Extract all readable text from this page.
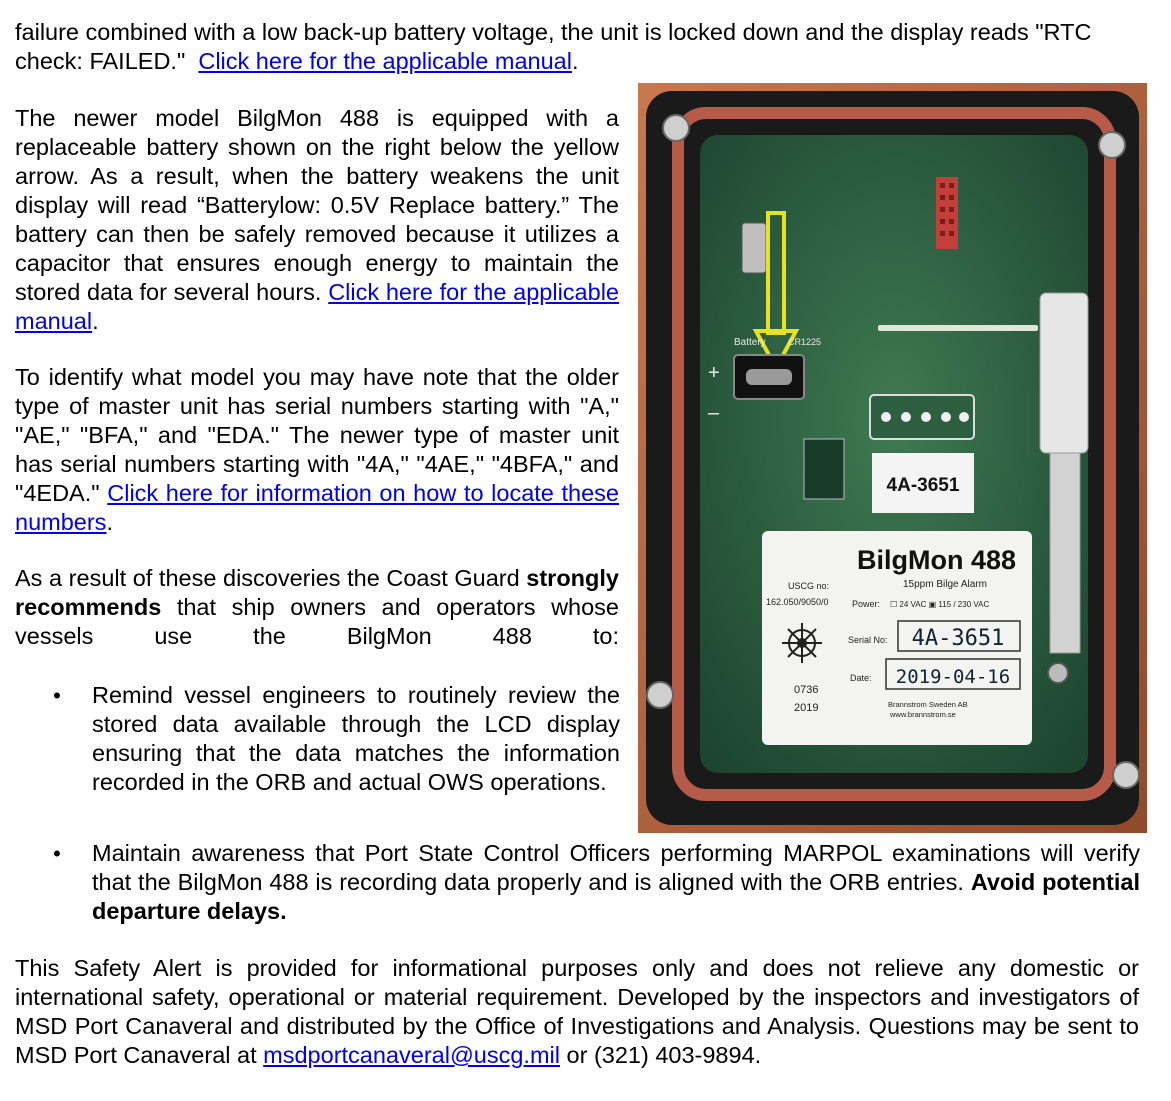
failure combined with a low back-up battery voltage, the unit is locked down and the display reads "RTC check: FAILED." Click here for the applicable manual.
The newer model BilgMon 488 is equipped with a replaceable battery shown on the right below the yellow arrow. As a result, when the battery weakens the unit display will read “Batterylow: 0.5V Replace battery.” The battery can then be safely removed because it utilizes a capacitor that ensures enough energy to maintain the stored data for several hours. Click here for the applicable manual.
To identify what model you may have note that the older type of master unit has serial numbers starting with "A," "AE," "BFA," and "EDA." The newer type of master unit has serial numbers starting with "4A," "4AE," "4BFA," and "4EDA." Click here for information on how to locate these numbers.
As a result of these discoveries the Coast Guard strongly recommends that ship owners and operators whose vessels use the BilgMon 488 to:
• Remind vessel engineers to routinely review the stored data available through the LCD display ensuring that the data matches the information recorded in the ORB and actual OWS operations.
• Maintain awareness that Port State Control Officers performing MARPOL examinations will verify that the BilgMon 488 is recording data properly and is aligned with the ORB entries. Avoid potential departure delays.
This Safety Alert is provided for informational purposes only and does not relieve any domestic or international safety, operational or material requirement. Developed by the inspectors and investigators of MSD Port Canaveral and distributed by the Office of Investigations and Analysis. Questions may be sent to MSD Port Canaveral at msdportcanaveral@uscg.mil or (321) 403-9894.
Battery CR1225
+
–
4A-3651
BilgMon 488
USCG no:
162.050/9050/0
15ppm Bilge Alarm
Power: ☐ 24 VAC ▣ 115 / 230 VAC
Serial No: 4A-3651
Date: 2019-04-16
0736
2019	Brannstrom Sweden AB
www.brannstrom.se
